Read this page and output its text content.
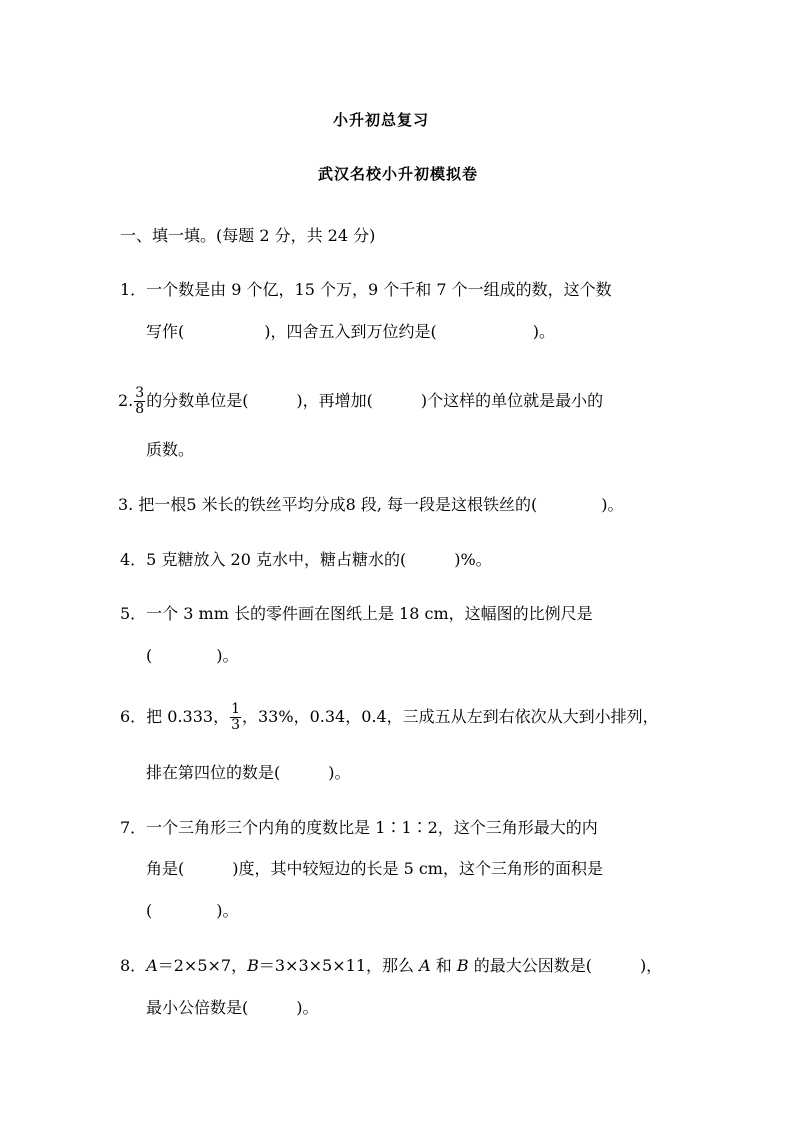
小升初总复习
武汉名校小升初模拟卷
一、填一填。(每题 2 分，共 24 分)
1．一个数是由 9 个亿，15 个万，9 个千和 7 个一组成的数，这个数
写作(　　　　　)，四舍五入到万位约是(　　　　　　)。
2. $\frac{3}{8}$ 的分数单位是(　　　)，再增加(　　　)个这样的单位就是最小的
质数。
3. 把一根5 米长的铁丝平均分成8 段, 每一段是这根铁丝的(　　　　)。
4．5 克糖放入 20 克水中，糖占糖水的(　　　)%。
5．一个 3 mm 长的零件画在图纸上是 18 cm，这幅图的比例尺是
(　　　　)。
6．把 0.333， $\frac{1}{3}$ ，33%，0.34，0.4，三成五从左到右依次从大到小排列，
排在第四位的数是(　　　)。
7．一个三角形三个内角的度数比是 1∶1∶2，这个三角形最大的内
角是(　　　)度，其中较短边的长是 5 cm，这个三角形的面积是
(　　　　)。
8．A＝2×5×7，B＝3×3×5×11，那么 A 和 B 的最大公因数是(　　　)，
最小公倍数是(　　　)。
